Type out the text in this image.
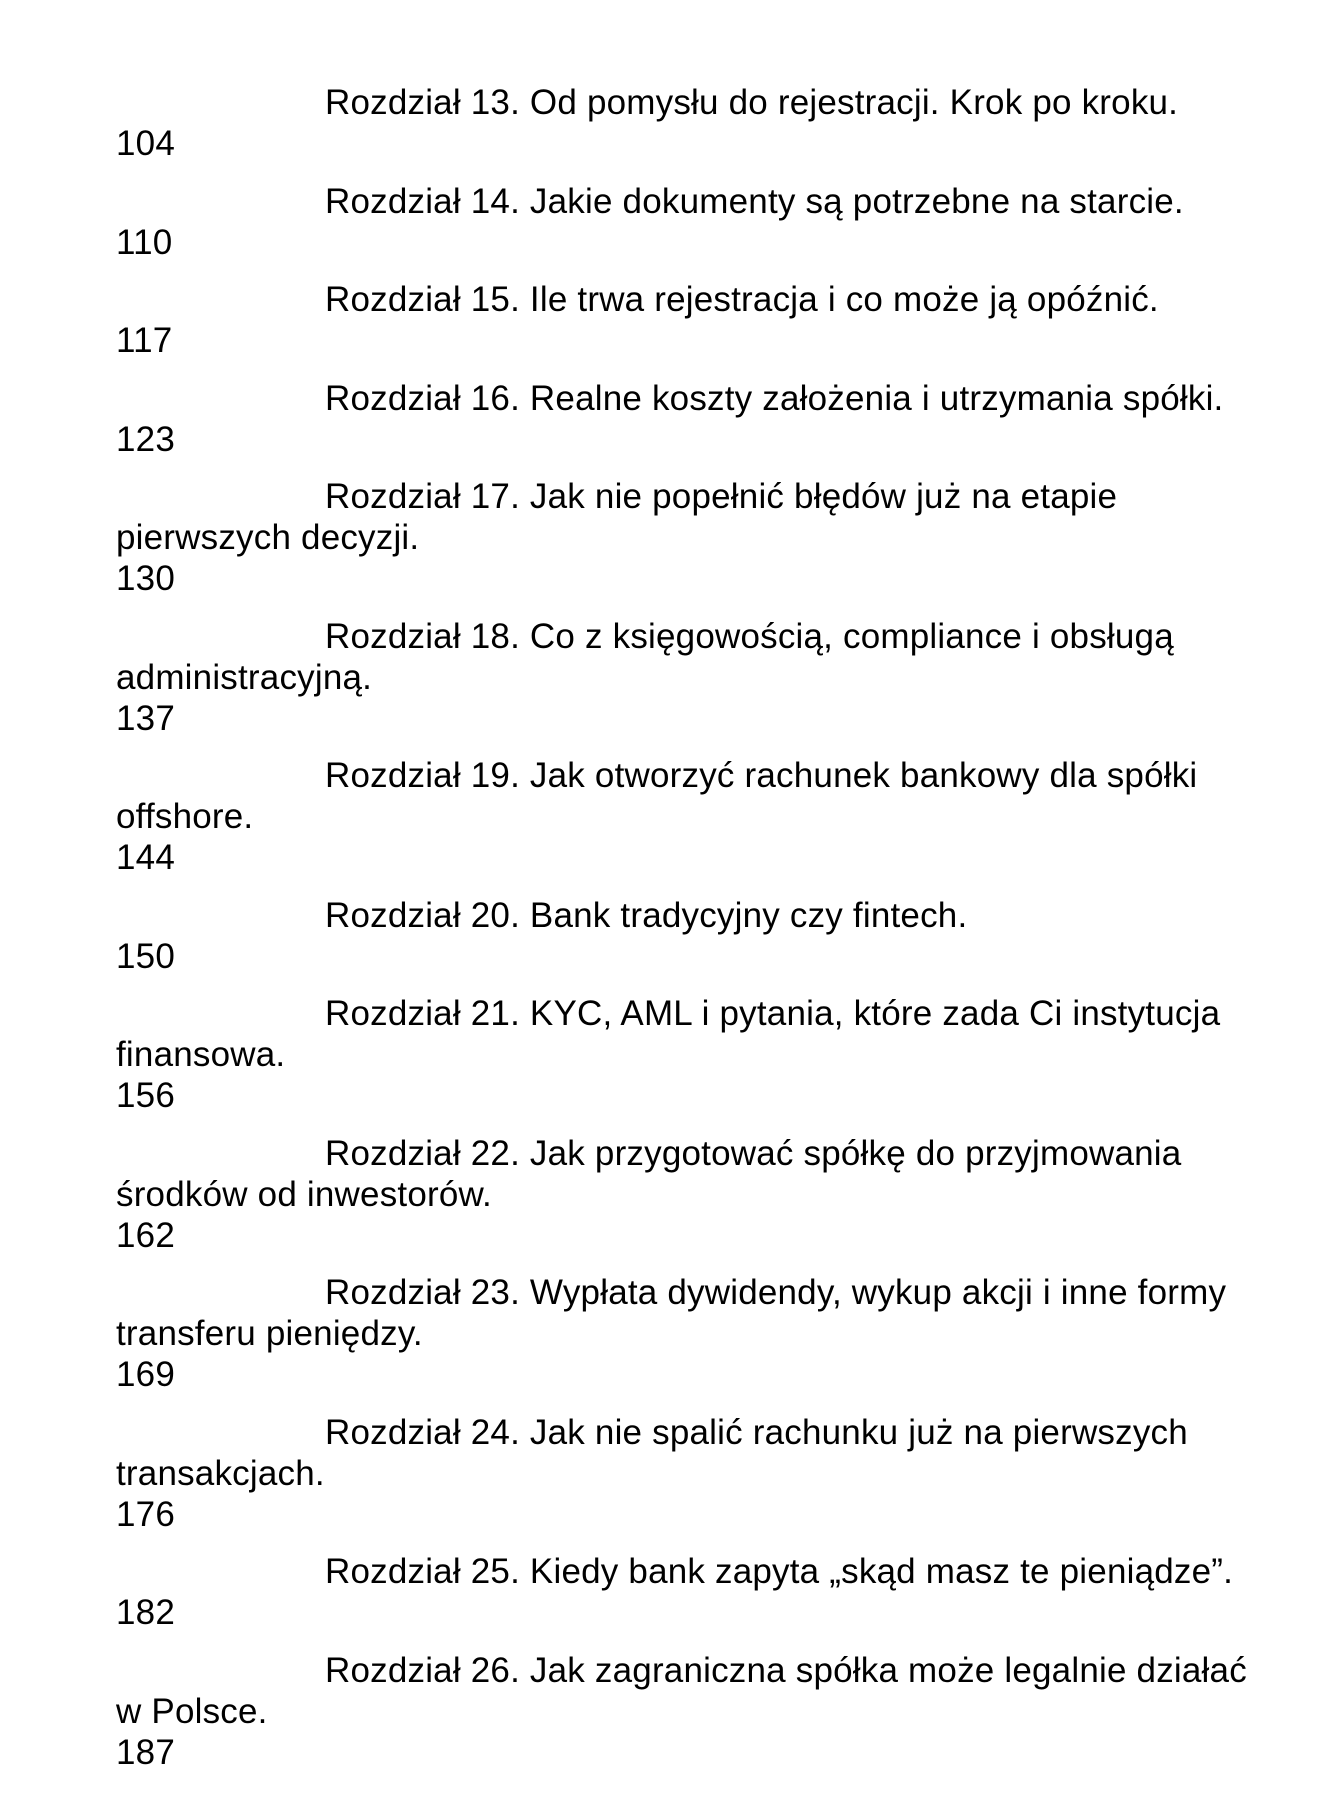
Rozdział 13. Od pomysłu do rejestracji. Krok po kroku.
104

Rozdział 14. Jakie dokumenty są potrzebne na starcie.
110

Rozdział 15. Ile trwa rejestracja i co może ją opóźnić.
117

Rozdział 16. Realne koszty założenia i utrzymania spółki.
123

Rozdział 17. Jak nie popełnić błędów już na etapie
pierwszych decyzji.
130

Rozdział 18. Co z księgowością, compliance i obsługą
administracyjną.
137

Rozdział 19. Jak otworzyć rachunek bankowy dla spółki
offshore.
144

Rozdział 20. Bank tradycyjny czy fintech.
150

Rozdział 21. KYC, AML i pytania, które zada Ci instytucja
finansowa.
156

Rozdział 22. Jak przygotować spółkę do przyjmowania
środków od inwestorów.
162

Rozdział 23. Wypłata dywidendy, wykup akcji i inne formy
transferu pieniędzy.
169

Rozdział 24. Jak nie spalić rachunku już na pierwszych
transakcjach.
176

Rozdział 25. Kiedy bank zapyta „skąd masz te pieniądze”.
182

Rozdział 26. Jak zagraniczna spółka może legalnie działać
w Polsce.
187
